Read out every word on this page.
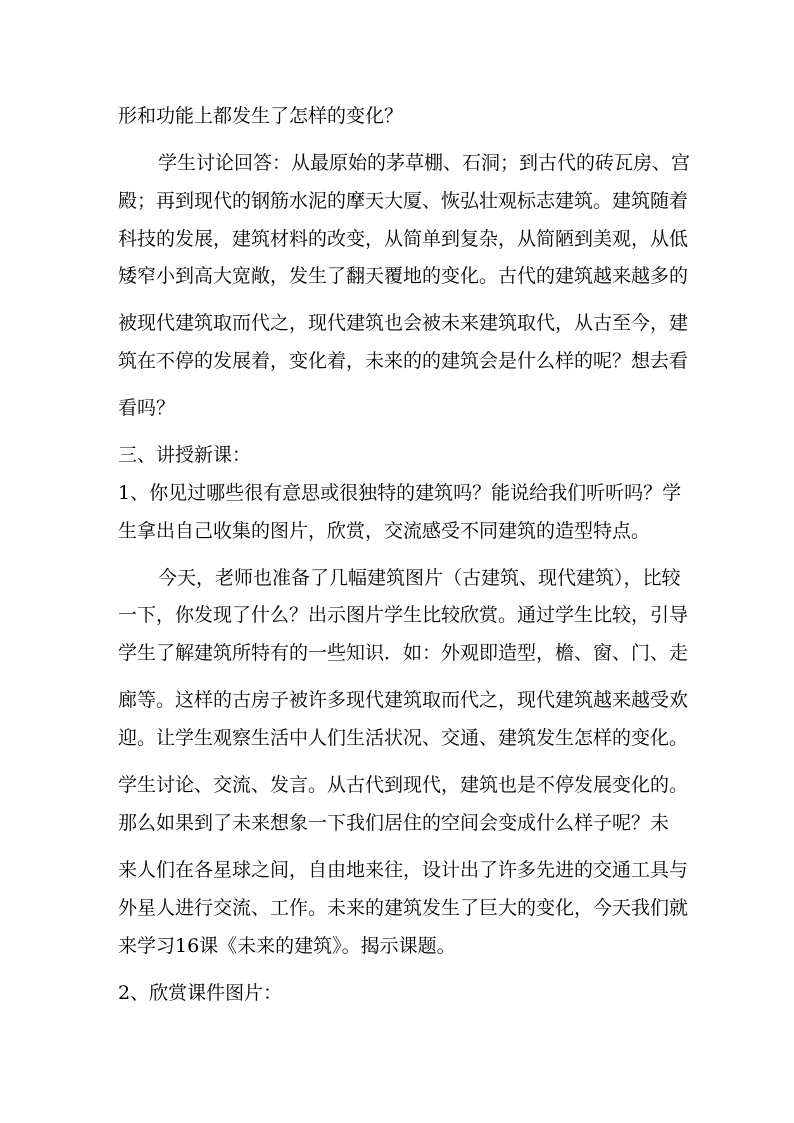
形和功能上都发生了怎样的变化？
学生讨论回答：从最原始的茅草棚、石洞；到古代的砖瓦房、宫
殿；再到现代的钢筋水泥的摩天大厦、恢弘壮观标志建筑。建筑随着
科技的发展，建筑材料的改变，从简单到复杂，从简陋到美观，从低
矮窄小到高大宽敞，发生了翻天覆地的变化。古代的建筑越来越多的
被现代建筑取而代之，现代建筑也会被未来建筑取代，从古至今，建
筑在不停的发展着，变化着，未来的的建筑会是什么样的呢？想去看
看吗？
三、讲授新课：
1、你见过哪些很有意思或很独特的建筑吗？能说给我们听听吗？学
生拿出自己收集的图片，欣赏，交流感受不同建筑的造型特点。
今天，老师也准备了几幅建筑图片（古建筑、现代建筑），比较
一下，你发现了什么？出示图片学生比较欣赏。通过学生比较，引导
学生了解建筑所特有的一些知识．如：外观即造型，檐、窗、门、走
廊等。这样的古房子被许多现代建筑取而代之，现代建筑越来越受欢
迎。让学生观察生活中人们生活状况、交通、建筑发生怎样的变化。
学生讨论、交流、发言。从古代到现代，建筑也是不停发展变化的。
那么如果到了未来想象一下我们居住的空间会变成什么样子呢？未
来人们在各星球之间，自由地来往，设计出了许多先进的交通工具与
外星人进行交流、工作。未来的建筑发生了巨大的变化，今天我们就
来学习16课《未来的建筑》。揭示课题。
2、欣赏课件图片：
